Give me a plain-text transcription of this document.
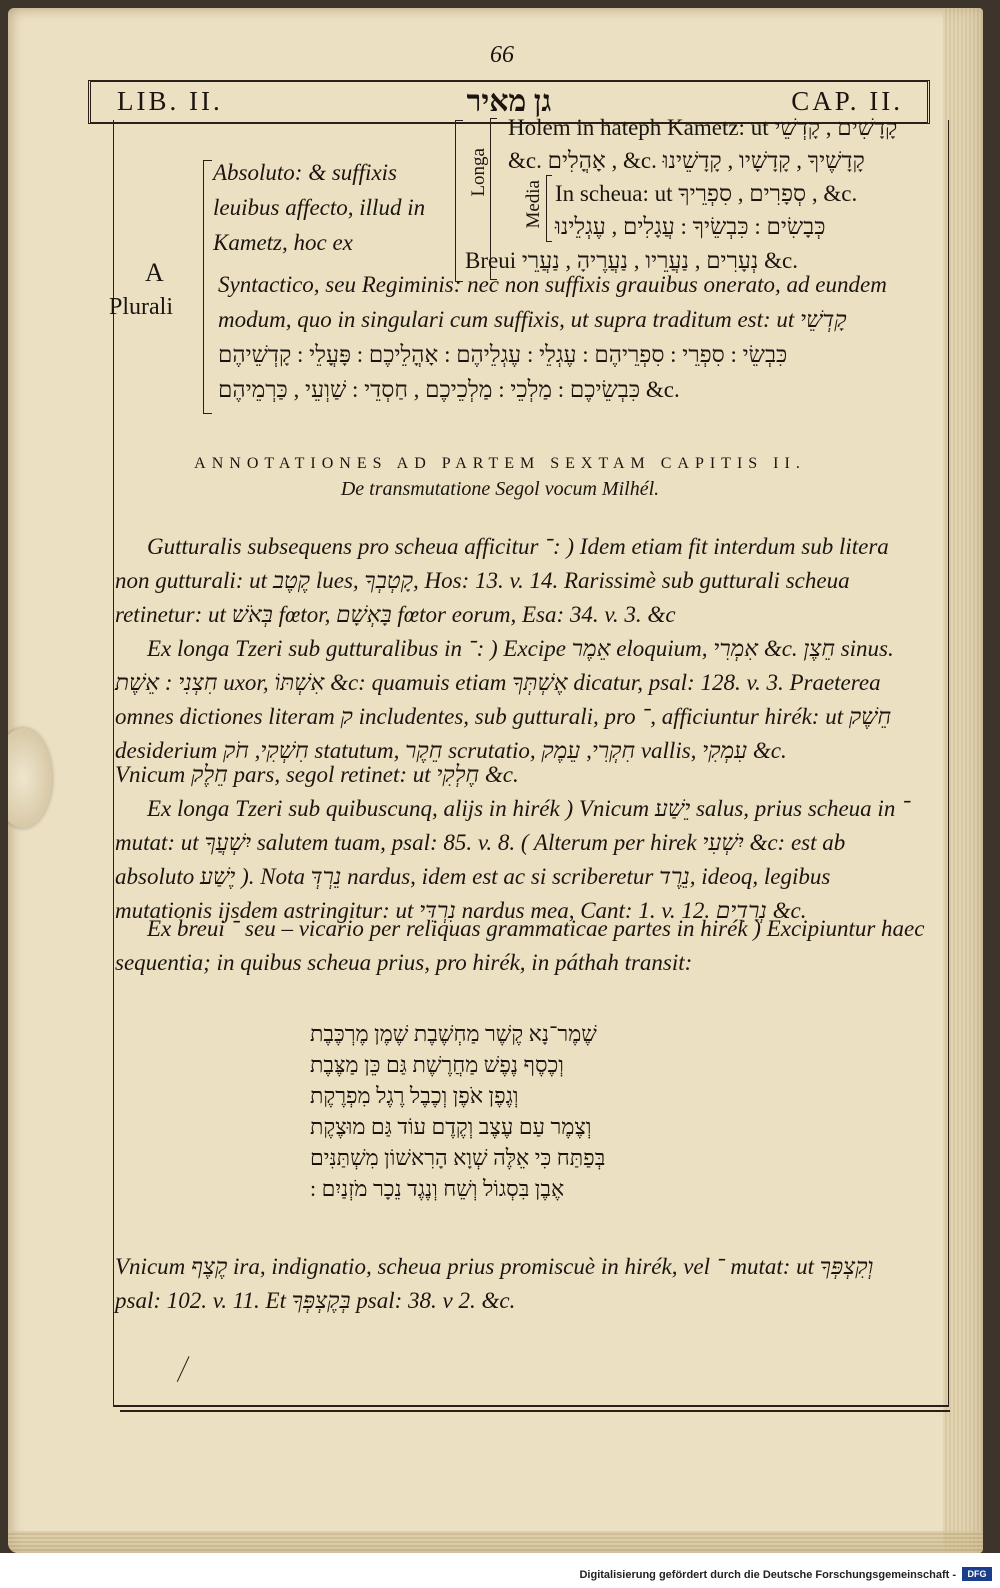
66
LIB. II.	גן מאיר	CAP. II.
A
Plurali
Absoluto: & suffixis leuibus affecto, illud in Kametz, hoc ex
Longa
Media
Holem in hateph Kametz: ut קָדָשִׁים , קָדְשֵׁי
&c. אָהֳלִים , &c. קָדָשֶׁיךָ , קָדָשָׁיו , קָדָשֵׁינוּ
In scheua: ut סְפָרִים , סִפְרֵיךָ , &c.
כְּבָשִׂים : כִּבְשֵׂיךָ : עֲגָלִים , עֶגְלֵינוּ
Breui נְעָרִים , נַעֲרֵיו , נַעֲרֶיהָ , נַעֲרֵי &c.
Syntactico, seu Regiminis: nec non suffixis grauibus onerato, ad eundem
modum, quo in singulari cum suffixis, ut supra traditum est: ut קָדְשֵׁי
כִּבְשֵׂי : סִפְרֵי : סִפְרֵיהֶם : עֶגְלֵי : עֶגְלֵיהֶם : אָהֳלֵיכֶם : פָּעֳלֵי : קָדְשֵׁיהֶם
כִּבְשֵׂיכֶם : מַלְכֵי : מַלְכֵיכֶם , חַסְדֵי : שַׁוְעֵי , כַּרְמֵיהֶם &c.
ANNOTATIONES AD PARTEM SEXTAM CAPITIS II.
De transmutatione Segol vocum Milhél.
Gutturalis subsequens pro scheua afficitur ־: ) Idem etiam fit interdum sub litera non gutturali: ut קֶטֶב lues, קָטְבְךָ, Hos: 13. v. 14. Rarissimè sub gutturali scheua retinetur: ut בְּאֹשׁ fœtor, בָּאְשָׁם fœtor eorum, Esa: 34. v. 3. &c
Ex longa Tzeri sub gutturalibus in ־: ) Excipe אֵמֶר eloquium, אִמְרִי &c. חֵצֶן sinus. חִצְנִי : אֵשֶׁת uxor, אִשְׁתּוֹ &c: quamuis etiam אֶשְׁתְּךָ dicatur, psal: 128. v. 3. Praeterea omnes dictiones literam ק includentes, sub gutturali, pro ־, afficiuntur hirék: ut חֵשֶׁק desiderium חִשְׁקִי, חֹק statutum, חֵקֶר scrutatio, חִקְרִי, עֵמֶק vallis, עִמְקִי &c.
Vnicum חֵלֶק pars, segol retinet: ut חֶלְקִי &c.
Ex longa Tzeri sub quibuscunq, alijs in hirék ) Vnicum יֵשַׁע salus, prius scheua in ־ mutat: ut יִשְׁעֲךָ salutem tuam, psal: 85. v. 8. ( Alterum per hirek יִשְׁעִי &c: est ab absoluto יֶשַׁע ). Nota נֵרְדְּ nardus, idem est ac si scriberetur נֵרֶד, ideoq, legibus mutationis ijsdem astringitur: ut נִרְדִּי nardus mea, Cant: 1. v. 12. נְרָדִים &c.
Ex breui ־ seu – vicario per reliquas grammaticae partes in hirék ) Excipiuntur haec sequentia; in quibus scheua prius, pro hirék, in páthah transit:
שֶׁמֶר־נָא קֶשֶׁר מַחְשֶׁבֶת שֶׁמֶן מֶרְכֶּבֶת
וְכֶסֶף נֶפֶשׁ מַחֲרֶשֶׁת גַּם כֵּן מַצֶּבֶת
וְגֶפֶן אֹפֶן וְכֶבֶל רֶגֶל מִפְרֶקֶת
וְצֶמֶר עַם עֶצֶב וְקֶדֶם עוֹד גַּם מוּצֶקֶת
בְּפַתַּח כִּי אֵלֶּה שְׁוָא הָרִאשׁוֹן מִשְׁתַּנִּים
אֶבֶן בִּסְגוֹל וְשֵׁח וְנֶגֶד נֵכָר מֹזְנַיִם :
Vnicum קֶצֶף ira, indignatio, scheua prius promiscuè in hirék, vel ־ mutat: ut וְקִצְפְּךָ psal: 102. v. 11. Et בְּקֶצְפְּךָ psal: 38. v 2. &c.
Digitalisierung gefördert durch die Deutsche Forschungsgemeinschaft -	DFG
